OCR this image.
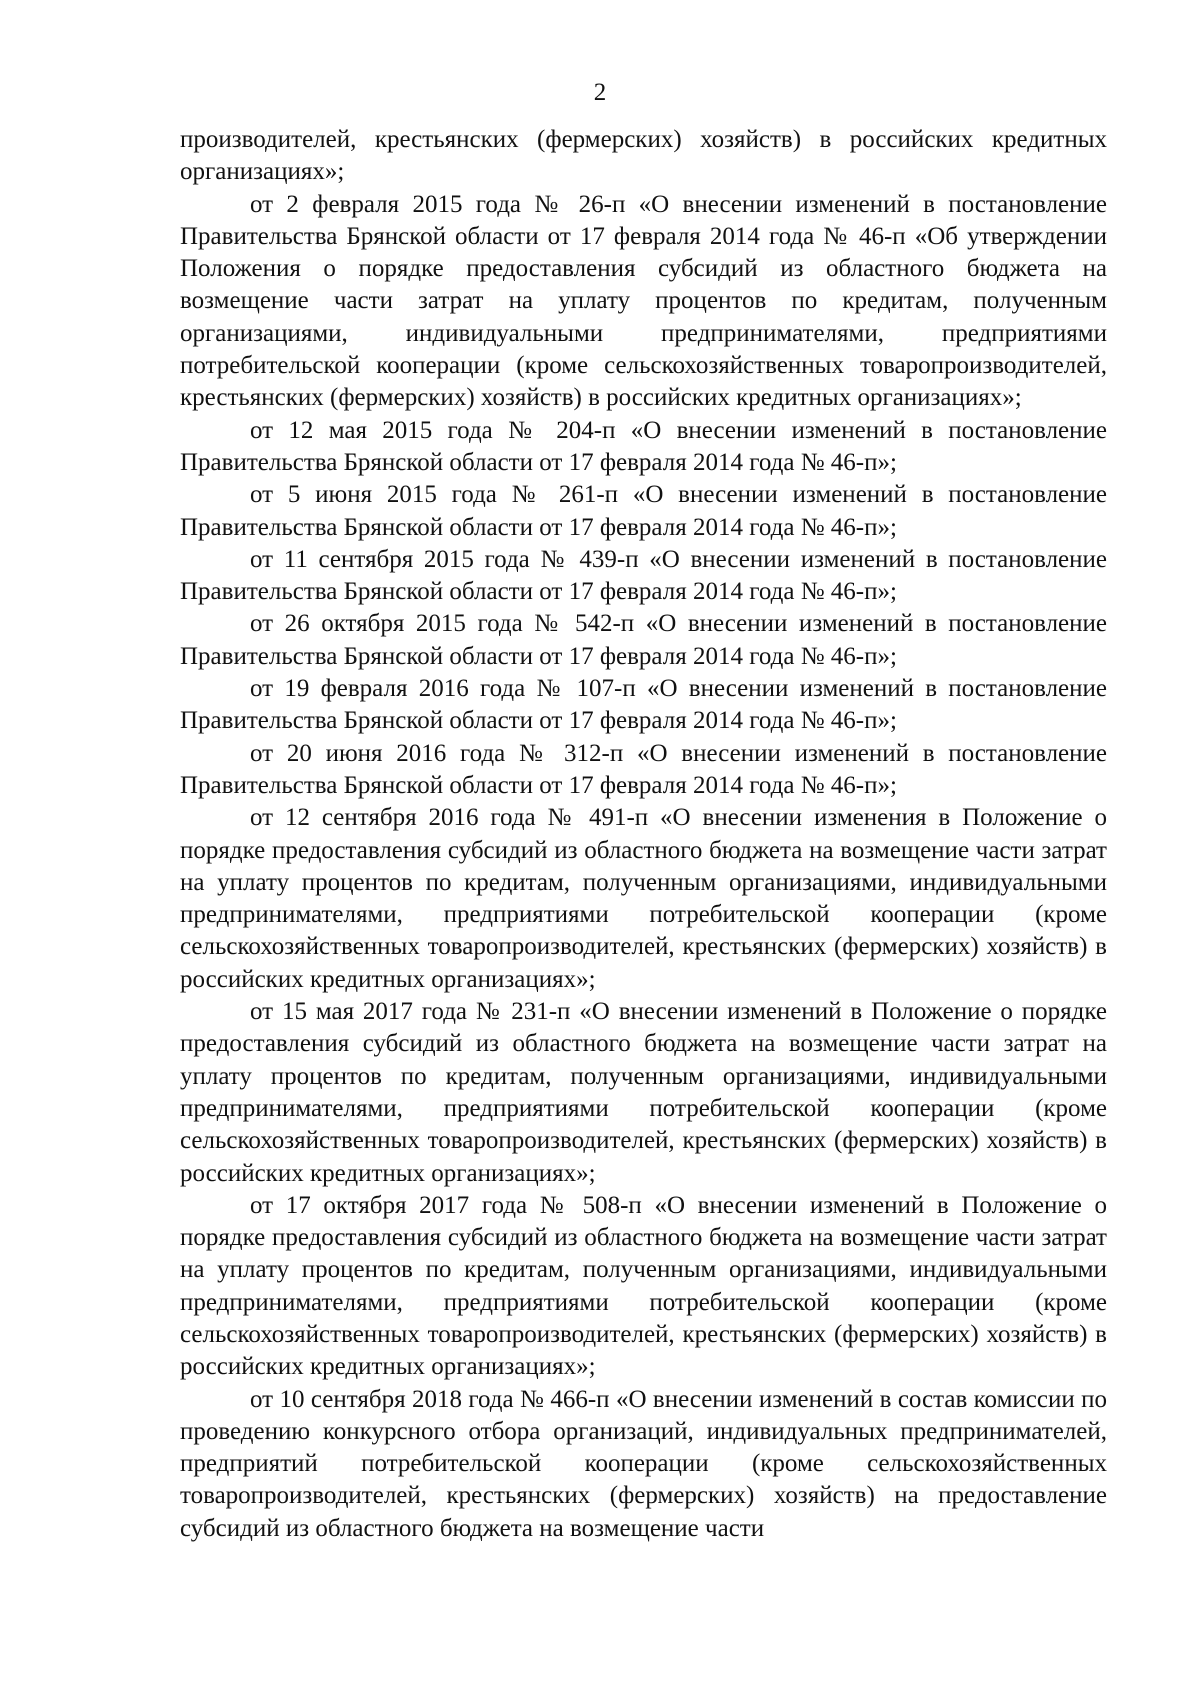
2

производителей, крестьянских (фермерских) хозяйств) в российских кредитных организациях»;

от 2 февраля 2015 года № 26-п «О внесении изменений в постановление Правительства Брянской области от 17 февраля 2014 года № 46-п «Об утверждении Положения о порядке предоставления субсидий из областного бюджета на возмещение части затрат на уплату процентов по кредитам, полученным организациями, индивидуальными предпринимателями, предприятиями потребительской кооперации (кроме сельскохозяйственных товаропроизводителей, крестьянских (фермерских) хозяйств) в российских кредитных организациях»;

от 12 мая 2015 года № 204-п «О внесении изменений в постановление Правительства Брянской области от 17 февраля 2014 года № 46-п»;

от 5 июня 2015 года № 261-п «О внесении изменений в постановление Правительства Брянской области от 17 февраля 2014 года № 46-п»;

от 11 сентября 2015 года № 439-п «О внесении изменений в постановление Правительства Брянской области от 17 февраля 2014 года № 46-п»;

от 26 октября 2015 года № 542-п «О внесении изменений в постановление Правительства Брянской области от 17 февраля 2014 года № 46-п»;

от 19 февраля 2016 года № 107-п «О внесении изменений в постановление Правительства Брянской области от 17 февраля 2014 года № 46-п»;

от 20 июня 2016 года № 312-п «О внесении изменений в постановление Правительства Брянской области от 17 февраля 2014 года № 46-п»;

от 12 сентября 2016 года № 491-п «О внесении изменения в Положение о порядке предоставления субсидий из областного бюджета на возмещение части затрат на уплату процентов по кредитам, полученным организациями, индивидуальными предпринимателями, предприятиями потребительской кооперации (кроме сельскохозяйственных товаропроизводителей, крестьянских (фермерских) хозяйств) в российских кредитных организациях»;

от 15 мая 2017 года № 231-п «О внесении изменений в Положение о порядке предоставления субсидий из областного бюджета на возмещение части затрат на уплату процентов по кредитам, полученным организациями, индивидуальными предпринимателями, предприятиями потребительской кооперации (кроме сельскохозяйственных товаропроизводителей, крестьянских (фермерских) хозяйств) в российских кредитных организациях»;

от 17 октября 2017 года № 508-п «О внесении изменений в Положение о порядке предоставления субсидий из областного бюджета на возмещение части затрат на уплату процентов по кредитам, полученным организациями, индивидуальными предпринимателями, предприятиями потребительской кооперации (кроме сельскохозяйственных товаропроизводителей, крестьянских (фермерских) хозяйств) в российских кредитных организациях»;

от 10 сентября 2018 года № 466-п «О внесении изменений в состав комиссии по проведению конкурсного отбора организаций, индивидуальных предпринимателей, предприятий потребительской кооперации (кроме сельскохозяйственных товаропроизводителей, крестьянских (фермерских) хозяйств) на предоставление субсидий из областного бюджета на возмещение части
